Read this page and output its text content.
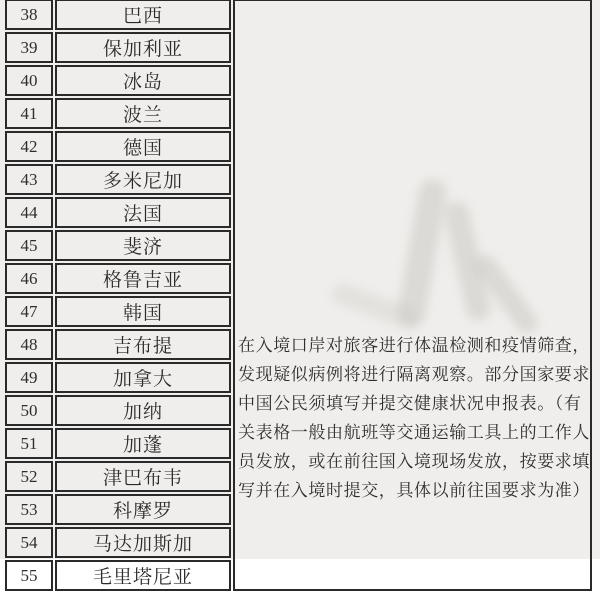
38	巴西	
在入境口岸对旅客进行体温检测和疫情筛查，
发现疑似病例将进行隔离观察。部分国家要求
中国公民须填写并提交健康状况申报表。（有
关表格一般由航班等交通运输工具上的工作人
员发放，或在前往国入境现场发放，按要求填
写并在入境时提交，具体以前往国要求为准）

39	保加利亚	
40	冰岛	
41	波兰	
42	德国	
43	多米尼加	
44	法国	
45	斐济	
46	格鲁吉亚	
47	韩国	
48	吉布提	
49	加拿大	
50	加纳	
51	加蓬	
52	津巴布韦	
53	科摩罗	
54	马达加斯加	
55	毛里塔尼亚	
